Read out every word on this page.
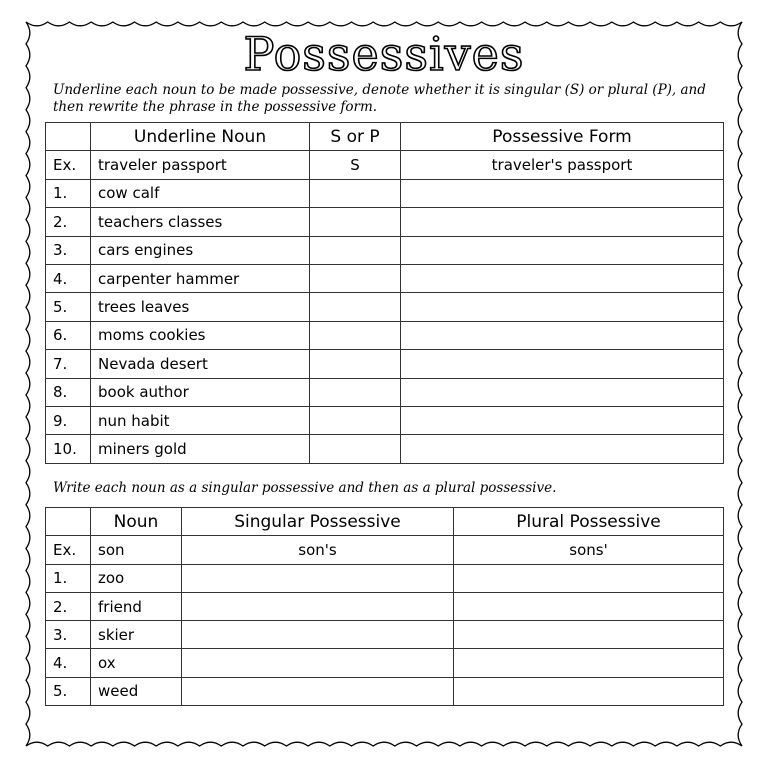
Possessives
Underline each noun to be made possessive, denote whether it is singular (S) or plural (P), and then rewrite the phrase in the possessive form.
	Underline Noun	S or P	Possessive Form
Ex.	traveler passport	S	traveler's passport
1.	cow calf		
2.	teachers classes		
3.	cars engines		
4.	carpenter hammer		
5.	trees leaves		
6.	moms cookies		
7.	Nevada desert		
8.	book author		
9.	nun habit		
10.	miners gold		
Write each noun as a singular possessive and then as a plural possessive.
	Noun	Singular Possessive	Plural Possessive
Ex.	son	son's	sons'
1.	zoo		
2.	friend		
3.	skier		
4.	ox		
5.	weed		
